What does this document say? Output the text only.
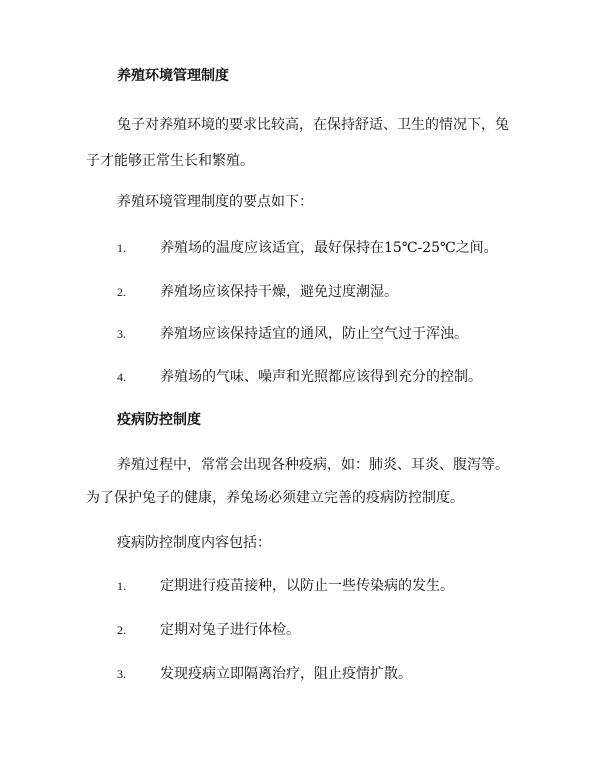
养殖环境管理制度

兔子对养殖环境的要求比较高，在保持舒适、卫生的情况下，兔

子才能够正常生长和繁殖。

养殖环境管理制度的要点如下：

1. 养殖场的温度应该适宜，最好保持在15℃-25℃之间。

2. 养殖场应该保持干燥，避免过度潮湿。

3. 养殖场应该保持适宜的通风，防止空气过于浑浊。

4. 养殖场的气味、噪声和光照都应该得到充分的控制。

疫病防控制度

养殖过程中，常常会出现各种疫病，如：肺炎、耳炎、腹泻等。

为了保护兔子的健康，养兔场必须建立完善的疫病防控制度。

疫病防控制度内容包括：

1. 定期进行疫苗接种，以防止一些传染病的发生。

2. 定期对兔子进行体检。

3. 发现疫病立即隔离治疗，阻止疫情扩散。
